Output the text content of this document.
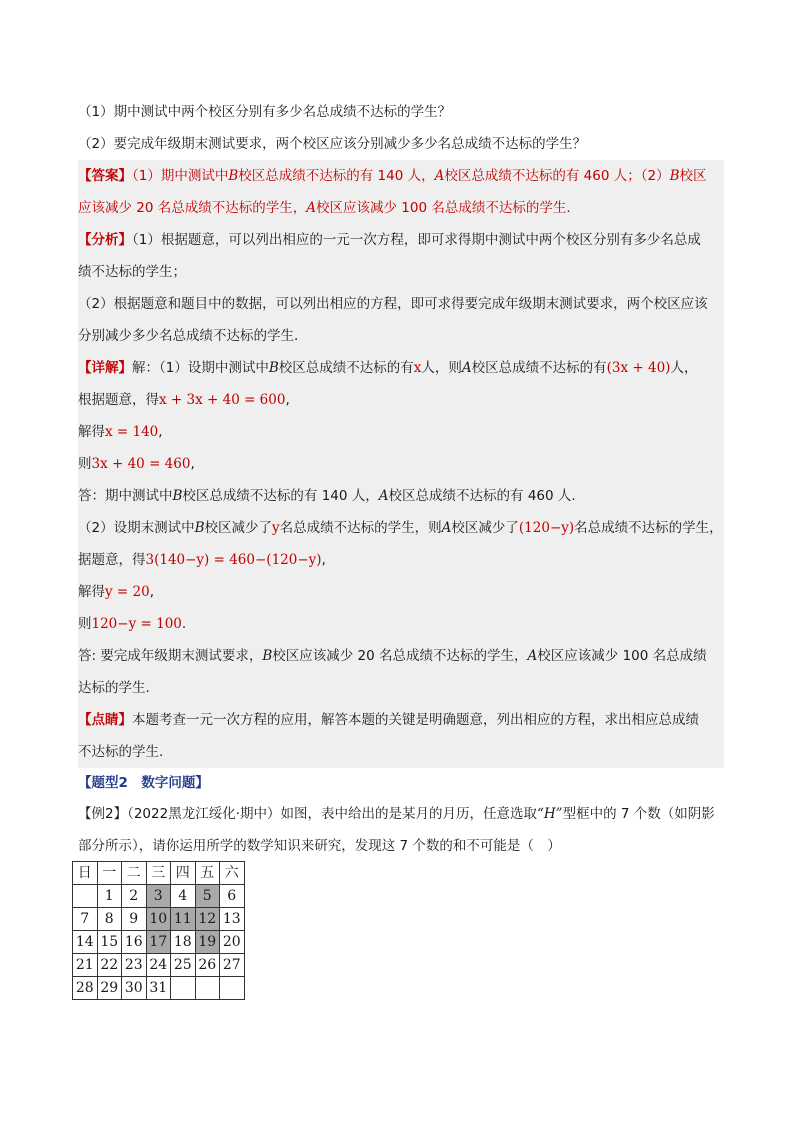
（1）期中测试中两个校区分别有多少名总成绩不达标的学生？
（2）要完成年级期末测试要求，两个校区应该分别减少多少名总成绩不达标的学生？
【答案】（1）期中测试中B校区总成绩不达标的有 140 人，A校区总成绩不达标的有 460 人；（2）B校区
应该减少 20 名总成绩不达标的学生，A校区应该减少 100 名总成绩不达标的学生.
【分析】（1）根据题意，可以列出相应的一元一次方程，即可求得期中测试中两个校区分别有多少名总成
绩不达标的学生；
（2）根据题意和题目中的数据，可以列出相应的方程，即可求得要完成年级期末测试要求，两个校区应该
分别减少多少名总成绩不达标的学生.
【详解】解：（1）设期中测试中B校区总成绩不达标的有x人，则A校区总成绩不达标的有(3x + 40)人，
根据题意，得x + 3x + 40 = 600,
解得x = 140,
则3x + 40 = 460,
答：期中测试中B校区总成绩不达标的有 140 人，A校区总成绩不达标的有 460 人.
（2）设期末测试中B校区减少了y名总成绩不达标的学生，则A校区减少了(120−y)名总成绩不达标的学生，
据题意，得3(140−y) = 460−(120−y),
解得y = 20,
则120−y = 100.
答: 要完成年级期末测试要求，B校区应该减少 20 名总成绩不达标的学生，A校区应该减少 100 名总成绩
达标的学生.
【点睛】本题考查一元一次方程的应用，解答本题的关键是明确题意，列出相应的方程，求出相应总成绩
不达标的学生.
【题型2　数字问题】
【例2】（2022黑龙江绥化·期中）如图，表中给出的是某月的月历，任意选取“H”型框中的 7 个数（如阴影
部分所示），请你运用所学的数学知识来研究，发现这 7 个数的和不可能是（　）
日	一	二	三	四	五	六
	1	2	3	4	5	6
7	8	9	10	11	12	13
14	15	16	17	18	19	20
21	22	23	24	25	26	27
28	29	30	31			
